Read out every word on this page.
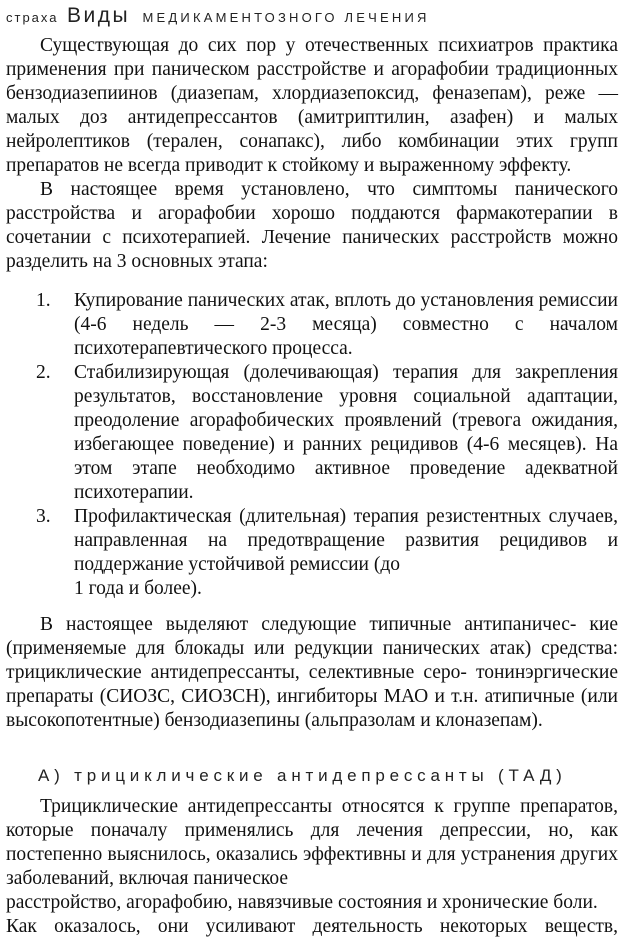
страха Виды МЕДИКАМЕНТОЗНОГО ЛЕЧЕНИЯ

Существующая до сих пор у отечественных психиатров практика применения при паническом расстройстве и агорафобии традиционных бензодиазепиинов (диазепам, хлордиазепоксид, феназепам), реже — малых доз антидепрессантов (амитриптилин, азафен) и малых нейролептиков (терален, сонапакс), либо комбинации этих групп препаратов не всегда приводит к стойкому и выраженному эффекту.

В настоящее время установлено, что симптомы панического расстройства и агорафобии хорошо поддаются фармакотерапии в сочетании с психотерапией. Лечение панических расстройств можно разделить на 3 основных этапа:

1. Купирование панических атак, вплоть до установления ремиссии (4-6 недель — 2-3 месяца) совместно с началом психотерапевтического процесса.
2. Стабилизирующая (долечивающая) терапия для закрепления результатов, восстановление уровня социальной адаптации, преодоление агорафобических проявлений (тревога ожидания, избегающее поведение) и ранних рецидивов (4-6 месяцев). На этом этапе необходимо активное проведение адекватной психотерапии.
3. Профилактическая (длительная) терапия резистентных случаев, направленная на предотвращение развития рецидивов и поддержание устойчивой ремиссии (до
1 года и более).

В настоящее выделяют следующие типичные антипаничес- кие (применяемые для блокады или редукции панических атак) средства: трициклические антидепрессанты, селективные серо- тонинэргические препараты (СИОЗС, СИОЗСН), ингибиторы МАО и т.н. атипичные (или высокопотентные) бензодиазепины (альпразолам и клоназепам).

А) трициклические антидепрессанты (ТАД)

Трициклические антидепрессанты относятся к группе препаратов, которые поначалу применялись для лечения депрессии, но, как постепенно выяснилось, оказались эффективны и для устранения других заболеваний, включая паническое
расстройство, агорафобию, навязчивые состояния и хронические боли.
Как оказалось, они усиливают деятельность некоторых веществ,
